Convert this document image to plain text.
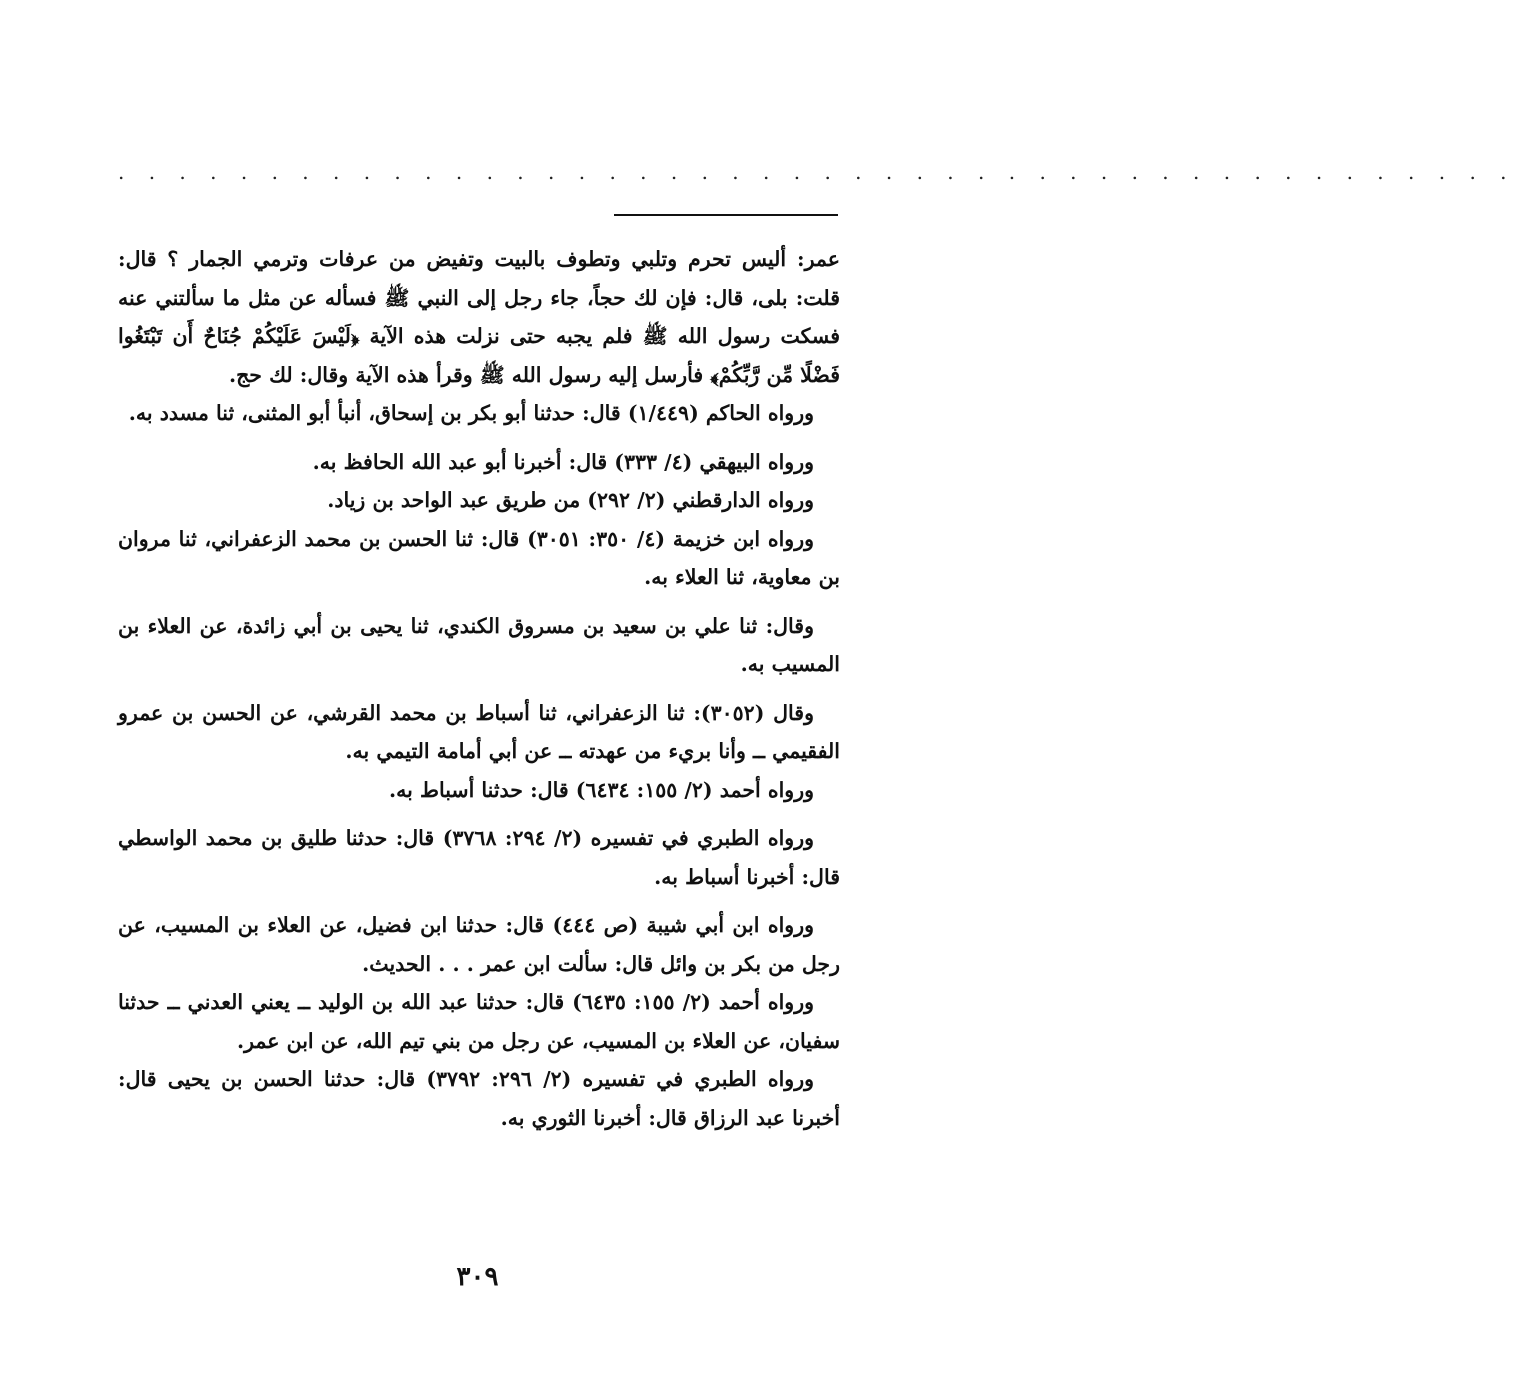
. . . . . . . . . . . . . . . . . . . . . . . . . . . . . . . . . . . . . . . . . . . . . .

عمر: أليس تحرم وتلبي وتطوف بالبيت وتفيض من عرفات وترمي الجمار ؟ قال: قلت: بلى، قال: فإن لك حجاً، جاء رجل إلى النبي ﷺ فسأله عن مثل ما سألتني عنه فسكت رسول الله ﷺ فلم يجبه حتى نزلت هذه الآية ﴿لَيْسَ عَلَيْكُمْ جُنَاحٌ أَن تَبْتَغُوا فَضْلًا مِّن رَّبِّكُمْ﴾ فأرسل إليه رسول الله ﷺ وقرأ هذه الآية وقال: لك حج.

ورواه الحاكم (١/٤٤٩) قال: حدثنا أبو بكر بن إسحاق، أنبأ أبو المثنى، ثنا مسدد به.

ورواه البيهقي (٤/ ٣٣٣) قال: أخبرنا أبو عبد الله الحافظ به.

ورواه الدارقطني (٢/ ٢٩٢) من طريق عبد الواحد بن زياد.

ورواه ابن خزيمة (٤/ ٣٥٠: ٣٠٥١) قال: ثنا الحسن بن محمد الزعفراني، ثنا مروان بن معاوية، ثنا العلاء به.

وقال: ثنا علي بن سعيد بن مسروق الكندي، ثنا يحيى بن أبي زائدة، عن العلاء بن المسيب به.

وقال (٣٠٥٢): ثنا الزعفراني، ثنا أسباط بن محمد القرشي، عن الحسن بن عمرو الفقيمي ــ وأنا بريء من عهدته ــ عن أبي أمامة التيمي به.

ورواه أحمد (٢/ ١٥٥: ٦٤٣٤) قال: حدثنا أسباط به.

ورواه الطبري في تفسيره (٢/ ٢٩٤: ٣٧٦٨) قال: حدثنا طليق بن محمد الواسطي قال: أخبرنا أسباط به.

ورواه ابن أبي شيبة (ص ٤٤٤) قال: حدثنا ابن فضيل، عن العلاء بن المسيب، عن رجل من بكر بن وائل قال: سألت ابن عمر . . . الحديث.

ورواه أحمد (٢/ ١٥٥: ٦٤٣٥) قال: حدثنا عبد الله بن الوليد ــ يعني العدني ــ حدثنا سفيان، عن العلاء بن المسيب، عن رجل من بني تيم الله، عن ابن عمر.

ورواه الطبري في تفسيره (٢/ ٢٩٦: ٣٧٩٢) قال: حدثنا الحسن بن يحيى قال: أخبرنا عبد الرزاق قال: أخبرنا الثوري به.

٣٠٩
